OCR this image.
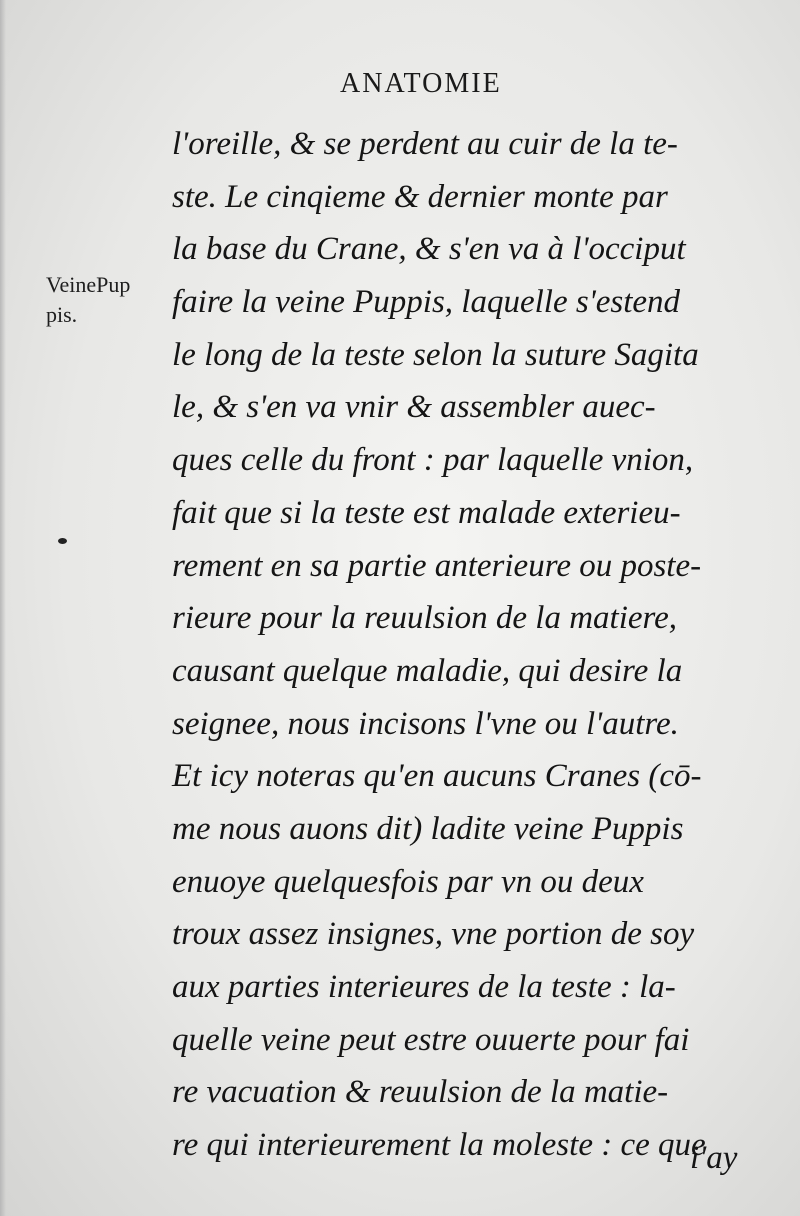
ANATOMIE
VeinePup
pis.
l'oreille, & se perdent au cuir de la te-
ste. Le cinqieme & dernier monte par
la base du Crane, & s'en va à l'occiput
faire la veine Puppis, laquelle s'estend
le long de la teste selon la suture Sagita
le, & s'en va vnir & assembler auec-
ques celle du front : par laquelle vnion,
fait que si la teste est malade exterieu-
rement en sa partie anterieure ou poste-
rieure pour la reuulsion de la matiere,
causant quelque maladie, qui desire la
seignee, nous incisons l'vne ou l'autre.
Et icy noteras qu'en aucuns Cranes (cō-
me nous auons dit) ladite veine Puppis
enuoye quelquesfois par vn ou deux
troux assez insignes, vne portion de soy
aux parties interieures de la teste : la-
quelle veine peut estre ouuerte pour fai
re vacuation & reuulsion de la matie-
re qui interieurement la moleste : ce que
i'ay
